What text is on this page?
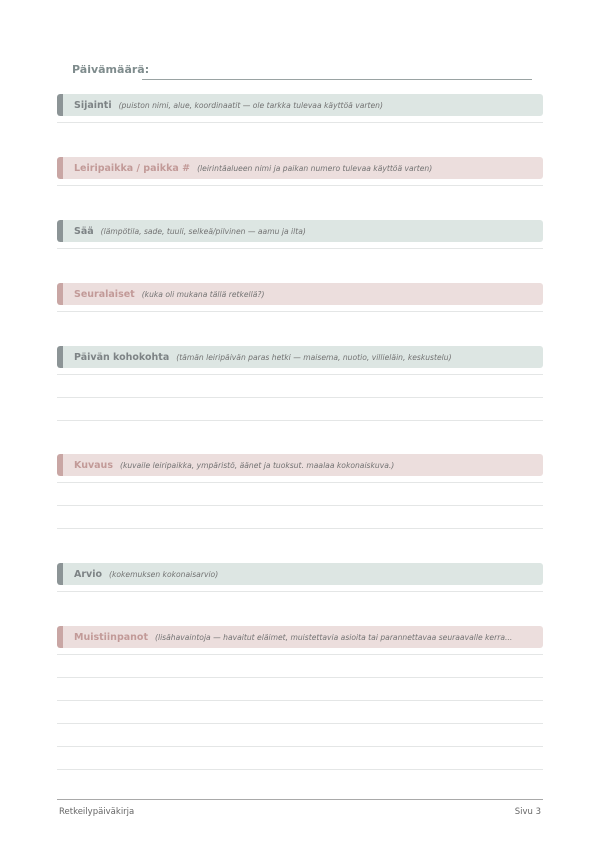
Päivämäärä:
Sijainti (puiston nimi, alue, koordinaatit — ole tarkka tulevaa käyttöä varten)
Leiripaikka / paikka # (leirintäalueen nimi ja paikan numero tulevaa käyttöä varten)
Sää (lämpötila, sade, tuuli, selkeä/pilvinen — aamu ja ilta)
Seuralaiset (kuka oli mukana tällä retkellä?)
Päivän kohokohta (tämän leiripäivän paras hetki — maisema, nuotio, villieläin, keskustelu)
Kuvaus (kuvaile leiripaikka, ympäristö, äänet ja tuoksut. maalaa kokonaiskuva.)
Arvio (kokemuksen kokonaisarvio)
Muistiinpanot (lisähavaintoja — havaitut eläimet, muistettavia asioita tai parannettavaa seuraavalle kerra...
Retkeilypäiväkirja	Sivu 3
